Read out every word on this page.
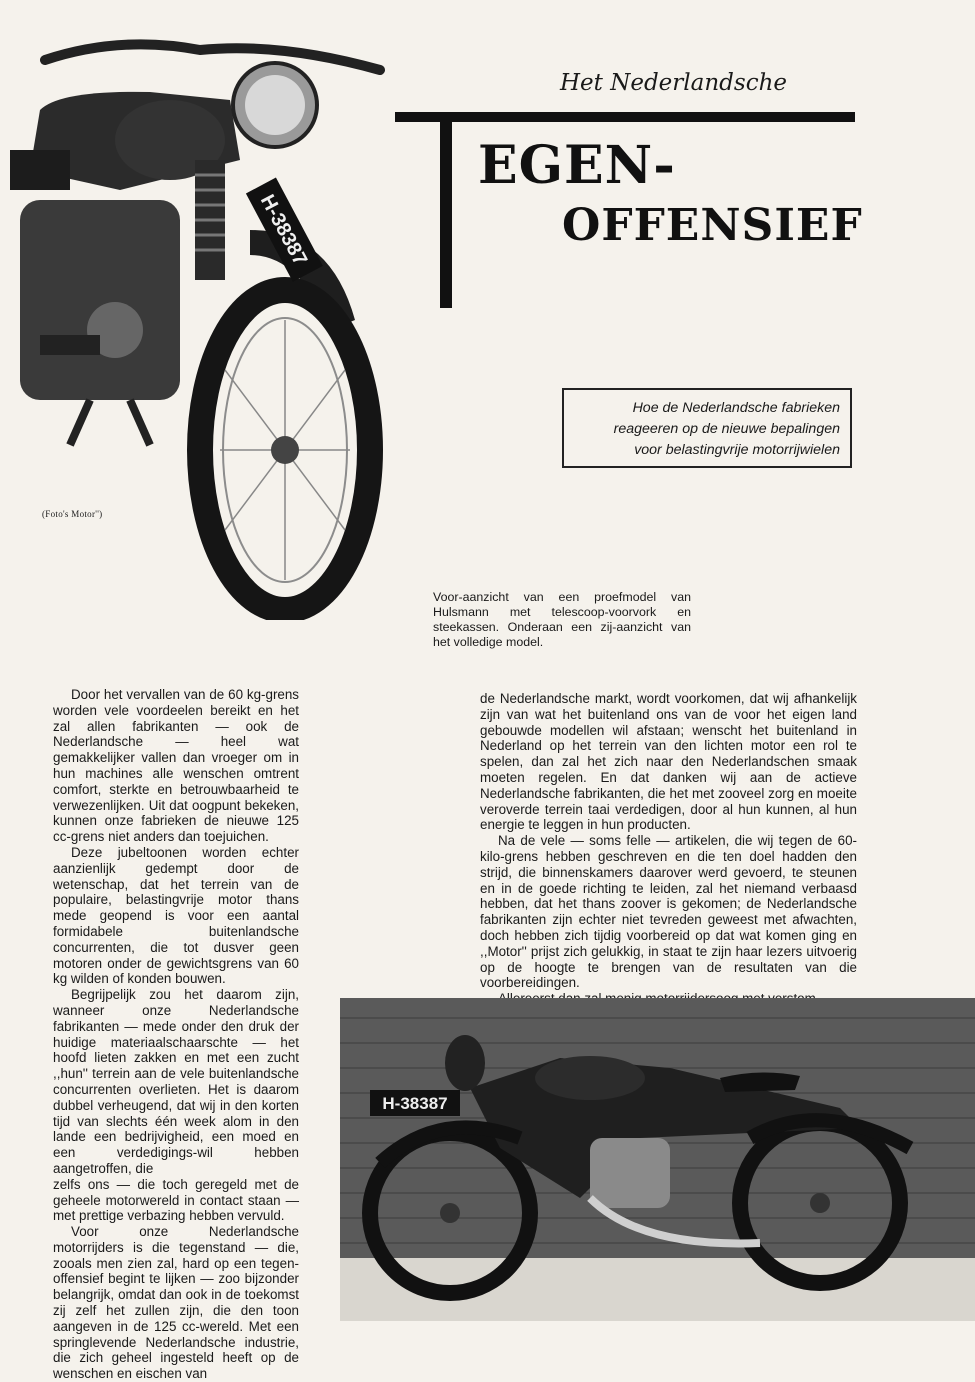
H-38387
(Foto's Motor'')
Het Nederlandsche
EGEN-
OFFENSIEF
Hoe de Nederlandsche fabrieken
reageeren op de nieuwe bepalingen
voor belastingvrije motorrijwielen
Voor-aanzicht van een proefmodel van Hulsmann met telescoop-voorvork en steekassen. Onderaan een zij-aanzicht van het volledige model.

Door het vervallen van de 60 kg-grens worden vele voordeelen bereikt en het zal allen fabrikanten — ook de Nederlandsche — heel wat gemakkelijker vallen dan vroeger om in hun machines alle wenschen omtrent comfort, sterkte en betrouwbaarheid te verwezenlijken. Uit dat oogpunt bekeken, kunnen onze fabrieken de nieuwe 125 cc-grens niet anders dan toejuichen.

Deze jubeltoonen worden echter aanzienlijk gedempt door de wetenschap, dat het terrein van de populaire, belastingvrije motor thans mede geopend is voor een aantal formidabele buitenlandsche concurrenten, die tot dusver geen motoren onder de gewichtsgrens van 60 kg wilden of konden bouwen.

Begrijpelijk zou het daarom zijn, wanneer onze Nederlandsche fabrikanten — mede onder den druk der huidige materiaalschaarschte — het hoofd lieten zakken en met een zucht ,,hun'' terrein aan de vele buitenlandsche concurrenten overlieten. Het is daarom dubbel verheugend, dat wij in den korten tijd van slechts één week alom in den lande een bedrijvigheid, een moed en een verdedigings-wil hebben aangetroffen, die

zelfs ons — die toch geregeld met de geheele motorwereld in contact staan — met prettige verbazing hebben vervuld.

Voor onze Nederlandsche motorrijders is die tegenstand — die, zooals men zien zal, hard op een tegen-offensief begint te lijken — zoo bijzonder belangrijk, omdat dan ook in de toekomst zij zelf het zullen zijn, die den toon aangeven in de 125 cc-wereld. Met een springlevende Nederlandsche industrie, die zich geheel ingesteld heeft op de wenschen en eischen van

de Nederlandsche markt, wordt voorkomen, dat wij afhankelijk zijn van wat het buitenland ons van de voor het eigen land gebouwde modellen wil afstaan; wenscht het buitenland in Nederland op het terrein van den lichten motor een rol te spelen, dan zal het zich naar den Nederlandschen smaak moeten regelen. En dat danken wij aan de actieve Nederlandsche fabrikanten, die het met zooveel zorg en moeite veroverde terrein taai verdedigen, door al hun kunnen, al hun energie te leggen in hun producten.

Na de vele — soms felle — artikelen, die wij tegen de 60-kilo-grens hebben geschreven en die ten doel hadden den strijd, die binnenskamers daarover werd gevoerd, te steunen en in de goede richting te leiden, zal het niemand verbaasd hebben, dat het thans zoover is gekomen; de Nederlandsche fabrikanten zijn echter niet tevreden geweest met afwachten, doch hebben zich tijdig voorbereid op dat wat komen ging en ,,Motor'' prijst zich gelukkig, in staat te zijn haar lezers uitvoerig op de hoogte te brengen van de resultaten van die voorbereidingen.

H-38387
